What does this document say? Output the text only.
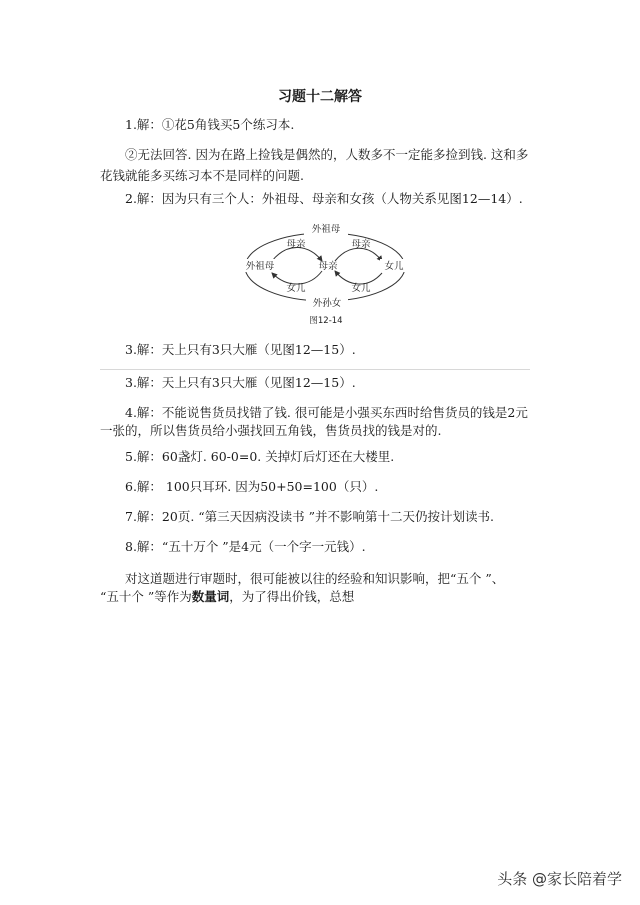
习题十二解答
1.解：①花5角钱买5个练习本.
②无法回答. 因为在路上捡钱是偶然的，人数多不一定能多捡到钱. 这和多
花钱就能多买练习本不是同样的问题.
2.解：因为只有三个人：外祖母、母亲和女孩（人物关系见图12—14）.
外祖母
外祖母	母亲	女儿
母亲	母亲
女儿	女儿
外孙女
图12-14
3.解：天上只有3只大雁（见图12—15）.
3.解：天上只有3只大雁（见图12—15）.
4.解：不能说售货员找错了钱. 很可能是小强买东西时给售货员的钱是2元
一张的，所以售货员给小强找回五角钱，售货员找的钱是对的.
5.解：60盏灯. 60-0=0. 关掉灯后灯还在大楼里.
6.解： 100只耳环. 因为50+50=100（只）.
7.解：20页. “第三天因病没读书 ”并不影响第十二天仍按计划读书.
8.解：“五十万个 ”是4元（一个字一元钱）.
对这道题进行审题时，很可能被以往的经验和知识影响，把“五个 ”、
“五十个 ”等作为数量词，为了得出价钱，总想
头条 @家长陪着学
